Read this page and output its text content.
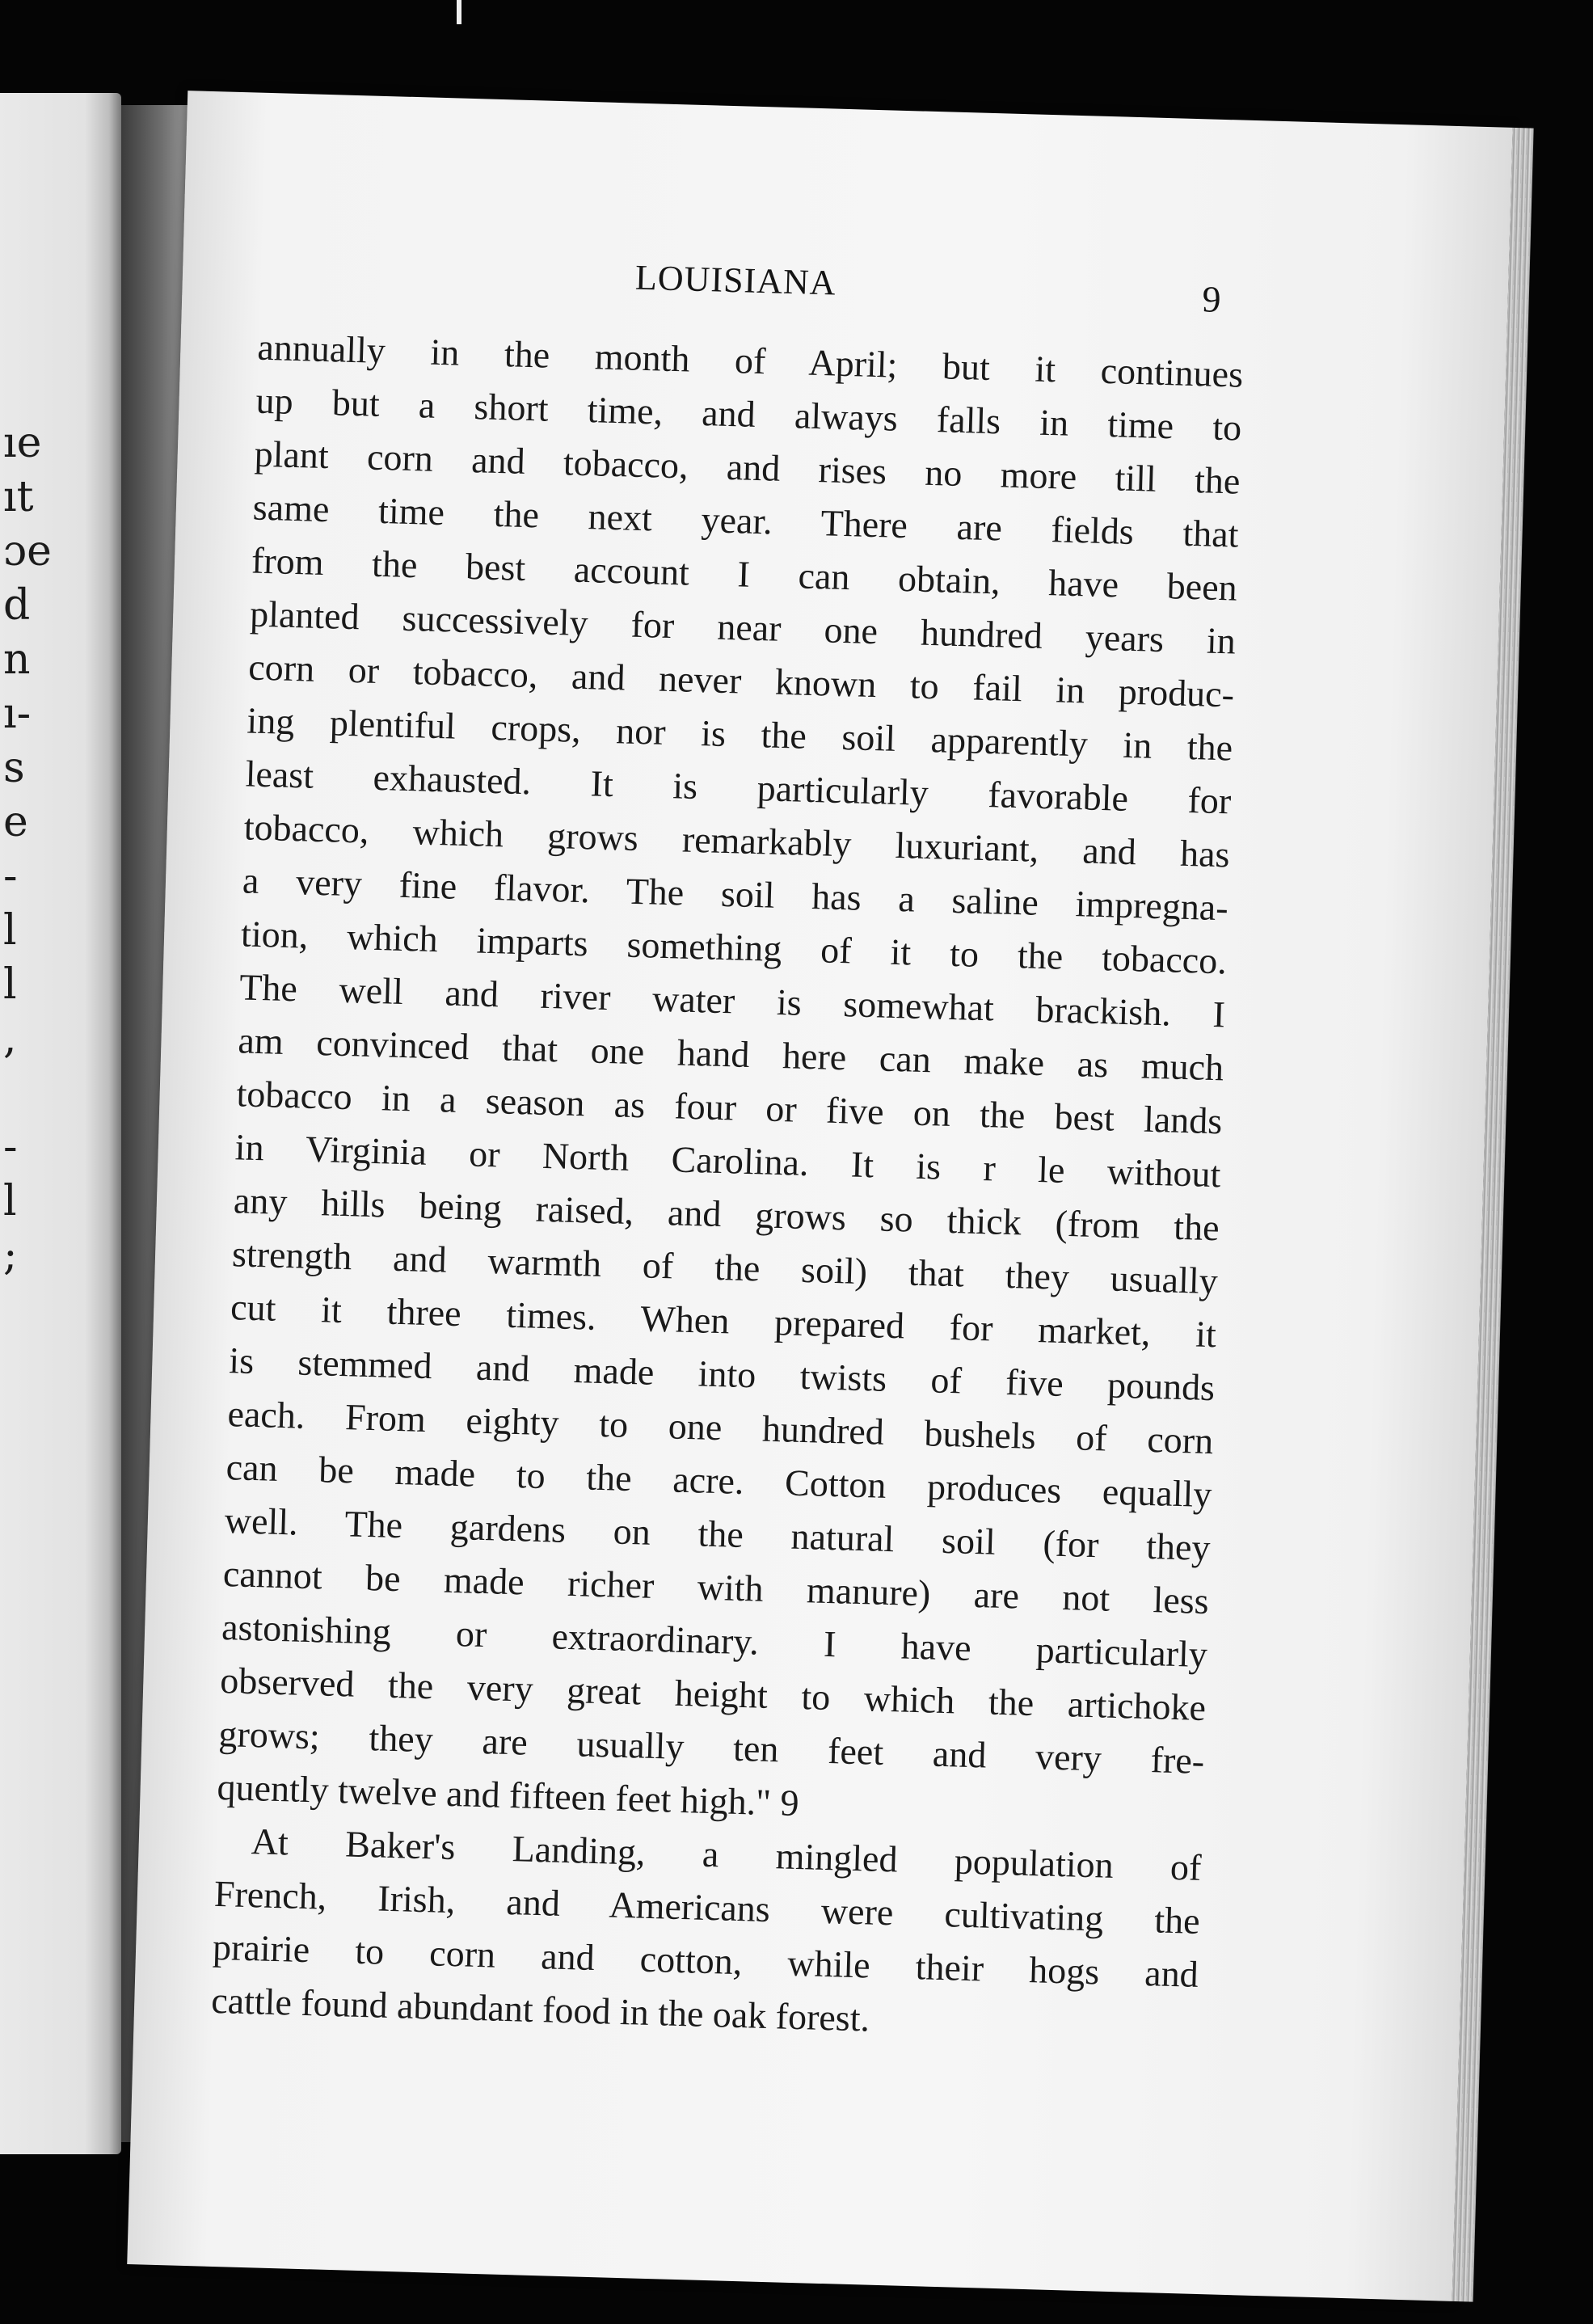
ıe
ıt
ɔe
d
n
ı-
s
e
-
l
l
,
-
l
;
LOUISIANA	9
annually in the month of April; but it continues
up but a short time, and always falls in time to
plant corn and tobacco, and rises no more till the
same time the next year. There are fields that
from the best account I can obtain, have been
planted successively for near one hundred years in
corn or tobacco, and never known to fail in produc-
ing plentiful crops, nor is the soil apparently in the
least exhausted. It is particularly favorable for
tobacco, which grows remarkably luxuriant, and has
a very fine flavor. The soil has a saline impregna-
tion, which imparts something of it to the tobacco.
The well and river water is somewhat brackish. I
am convinced that one hand here can make as much
tobacco in a season as four or five on the best lands
in Virginia or North Carolina. It is r le without
any hills being raised, and grows so thick (from the
strength and warmth of the soil) that they usually
cut it three times. When prepared for market, it
is stemmed and made into twists of five pounds
each. From eighty to one hundred bushels of corn
can be made to the acre. Cotton produces equally
well. The gardens on the natural soil (for they
cannot be made richer with manure) are not less
astonishing or extraordinary. I have particularly
observed the very great height to which the artichoke
grows; they are usually ten feet and very fre-
quently twelve and fifteen feet high." 9
At Baker's Landing, a mingled population of
French, Irish, and Americans were cultivating the
prairie to corn and cotton, while their hogs and
cattle found abundant food in the oak forest.
